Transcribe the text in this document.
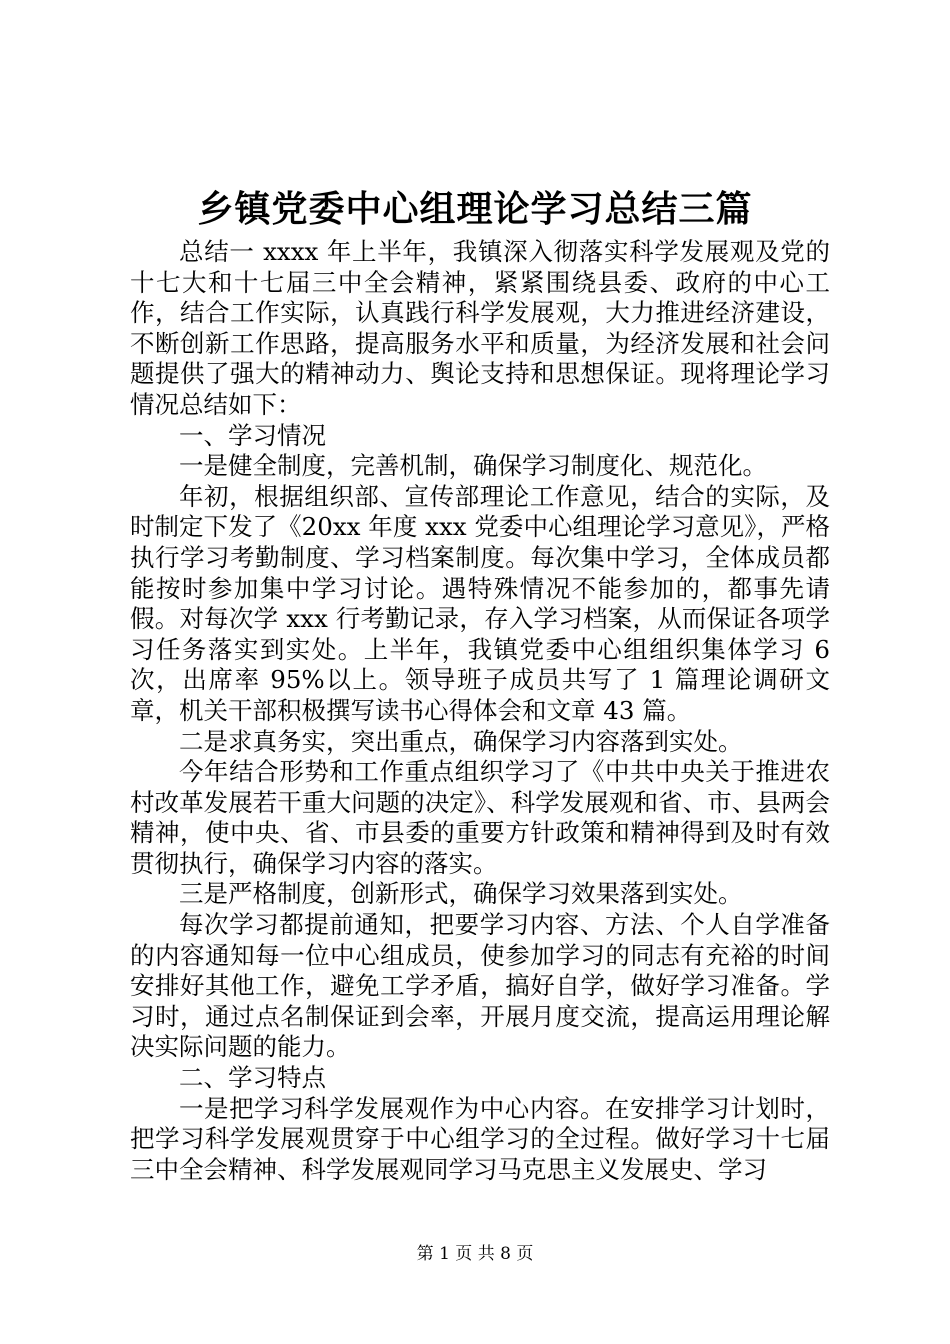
乡镇党委中心组理论学习总结三篇

总结一 xxxx 年上半年，我镇深入彻落实科学发展观及党的十七大和十七届三中全会精神，紧紧围绕县委、政府的中心工作，结合工作实际，认真践行科学发展观，大力推进经济建设，不断创新工作思路，提高服务水平和质量，为经济发展和社会问题提供了强大的精神动力、舆论支持和思想保证。现将理论学习情况总结如下：

一、学习情况

一是健全制度，完善机制，确保学习制度化、规范化。

年初，根据组织部、宣传部理论工作意见，结合的实际，及时制定下发了《20xx 年度 xxx 党委中心组理论学习意见》，严格执行学习考勤制度、学习档案制度。每次集中学习，全体成员都能按时参加集中学习讨论。遇特殊情况不能参加的，都事先请假。对每次学 xxx 行考勤记录，存入学习档案，从而保证各项学习任务落实到实处。上半年，我镇党委中心组组织集体学习 6 次，出席率 95%以上。领导班子成员共写了 1 篇理论调研文章，机关干部积极撰写读书心得体会和文章 43 篇。

二是求真务实，突出重点，确保学习内容落到实处。

今年结合形势和工作重点组织学习了《中共中央关于推进农村改革发展若干重大问题的决定》、科学发展观和省、市、县两会精神，使中央、省、市县委的重要方针政策和精神得到及时有效贯彻执行，确保学习内容的落实。

三是严格制度，创新形式，确保学习效果落到实处。

每次学习都提前通知，把要学习内容、方法、个人自学准备的内容通知每一位中心组成员，使参加学习的同志有充裕的时间安排好其他工作，避免工学矛盾，搞好自学，做好学习准备。学习时，通过点名制保证到会率，开展月度交流，提高运用理论解决实际问题的能力。

二、学习特点

一是把学习科学发展观作为中心内容。在安排学习计划时，把学习科学发展观贯穿于中心组学习的全过程。做好学习十七届三中全会精神、科学发展观同学习马克思主义发展史、学习

第 1 页 共 8 页
